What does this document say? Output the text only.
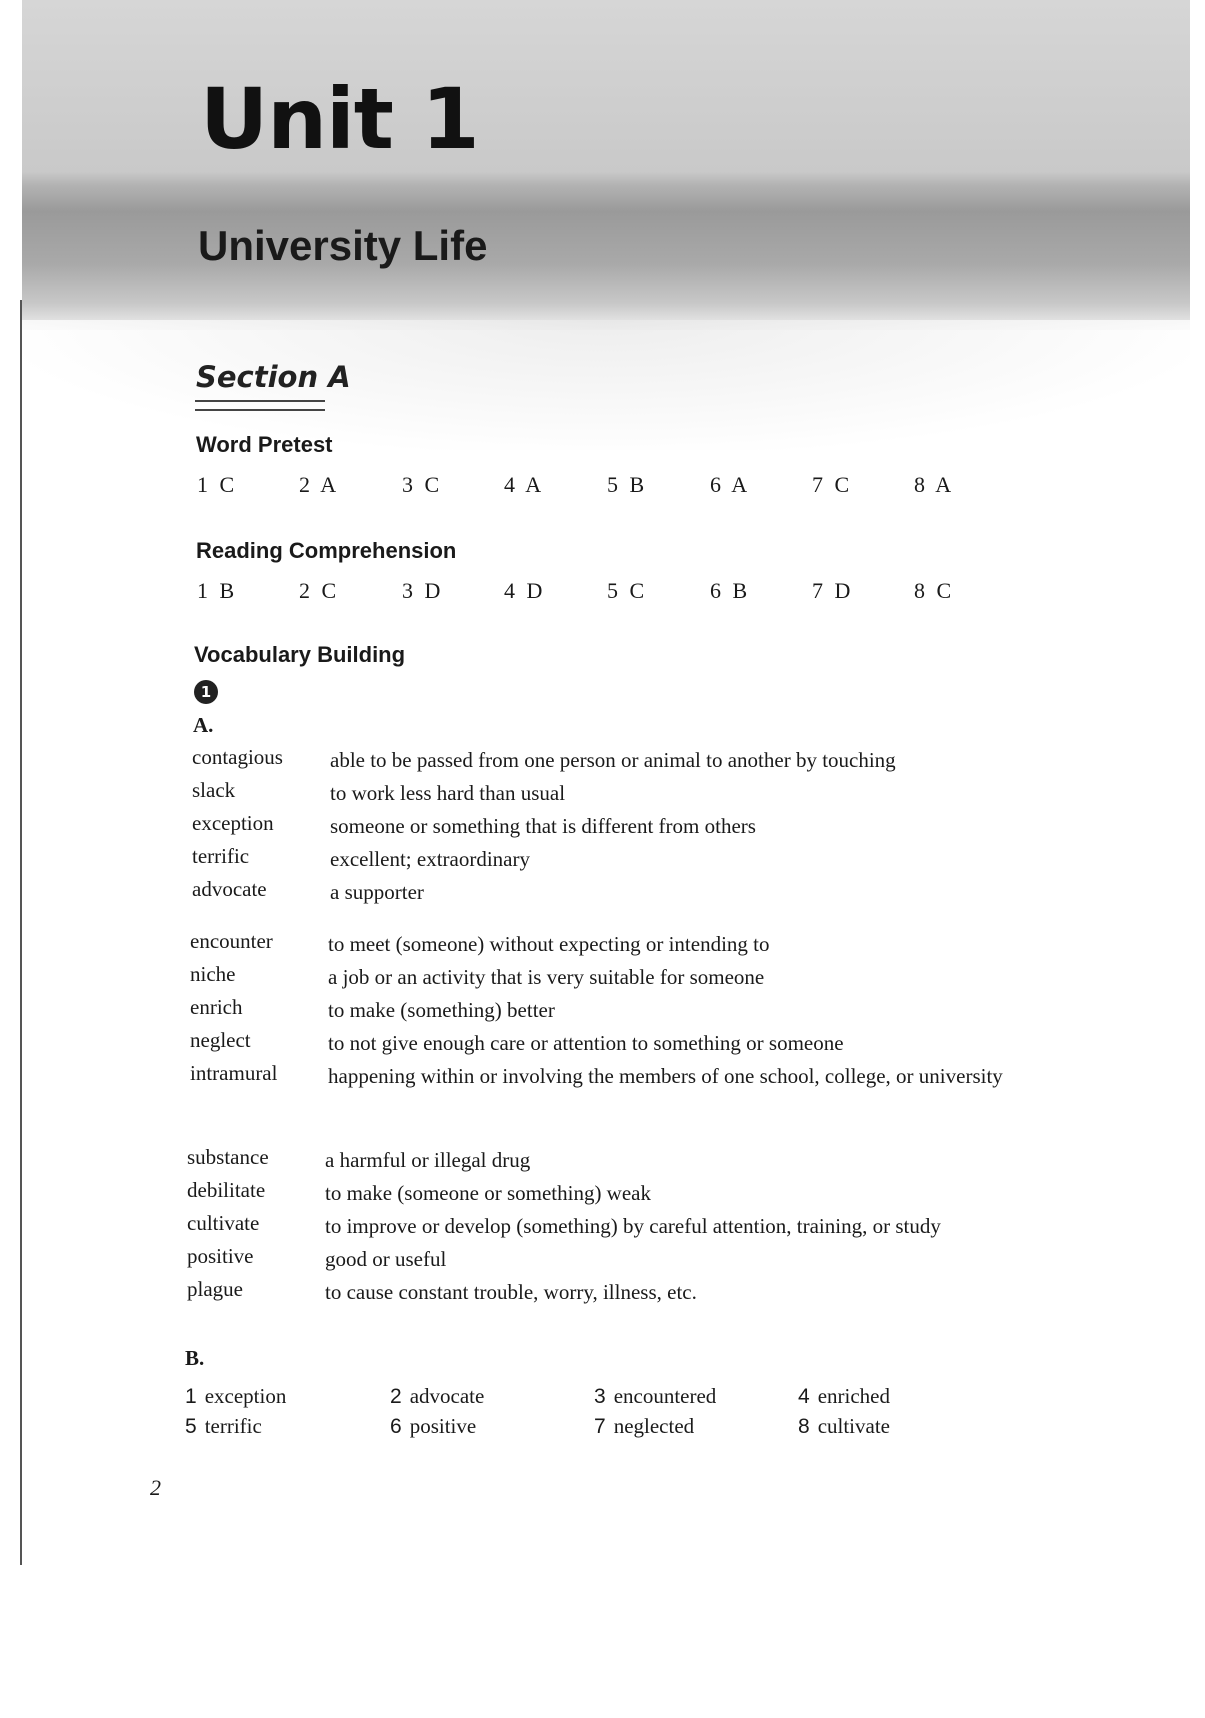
Unit 1
University Life
Section A
Word Pretest
1 C	2 A	3 C	4 A	5 B	6 A	7 C	8 A
Reading Comprehension
1 B	2 C	3 D	4 D	5 C	6 B	7 D	8 C
Vocabulary Building
1
A.
contagious able to be passed from one person or animal to another by touching
slack	to work less hard than usual
exception	someone or something that is different from others
terrific	excellent; extraordinary
advocate	a supporter
encounter	to meet (someone) without expecting or intending to
niche	a job or an activity that is very suitable for someone
enrich	to make (something) better
neglect	to not give enough care or attention to something or someone
intramural happening within or involving the members of one school, college, or university
substance	a harmful or illegal drug
debilitate	to make (someone or something) weak
cultivate	to improve or develop (something) by careful attention, training, or study
positive	good or useful
plague	to cause constant trouble, worry, illness, etc.
B.
1 exception	2 advocate	3 encountered	4 enriched
5 terrific	6 positive	7 neglected	8 cultivate
2
